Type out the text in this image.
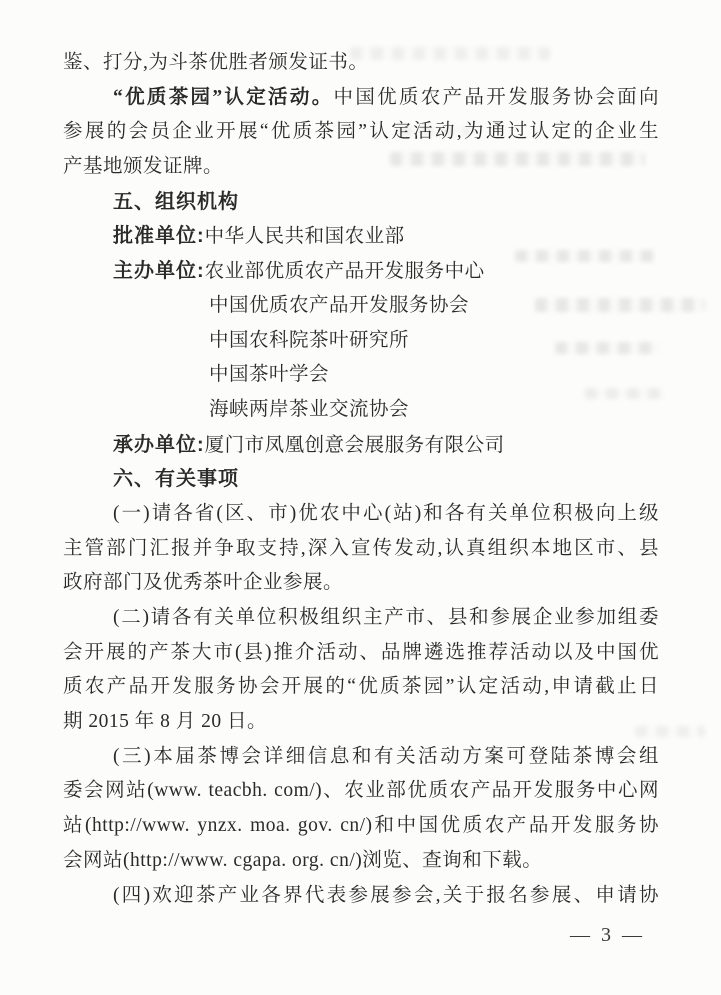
鉴、打分,为斗茶优胜者颁发证书。
“优质茶园”认定活动。中国优质农产品开发服务协会面向
参展的会员企业开展“优质茶园”认定活动,为通过认定的企业生
产基地颁发证牌。
五、组织机构
批准单位:中华人民共和国农业部
主办单位:农业部优质农产品开发服务中心
中国优质农产品开发服务协会
中国农科院茶叶研究所
中国茶叶学会
海峡两岸茶业交流协会
承办单位:厦门市凤凰创意会展服务有限公司
六、有关事项
(一)请各省(区、市)优农中心(站)和各有关单位积极向上级
主管部门汇报并争取支持,深入宣传发动,认真组织本地区市、县
政府部门及优秀茶叶企业参展。
(二)请各有关单位积极组织主产市、县和参展企业参加组委
会开展的产茶大市(县)推介活动、品牌遴选推荐活动以及中国优
质农产品开发服务协会开展的“优质茶园”认定活动,申请截止日
期 2015 年 8 月 20 日。
(三)本届茶博会详细信息和有关活动方案可登陆茶博会组
委会网站(www. teacbh. com/)、农业部优质农产品开发服务中心网
站(http://www. ynzx. moa. gov. cn/)和中国优质农产品开发服务协
会网站(http://www. cgapa. org. cn/)浏览、查询和下载。
(四)欢迎茶产业各界代表参展参会,关于报名参展、申请协
— 3 —
